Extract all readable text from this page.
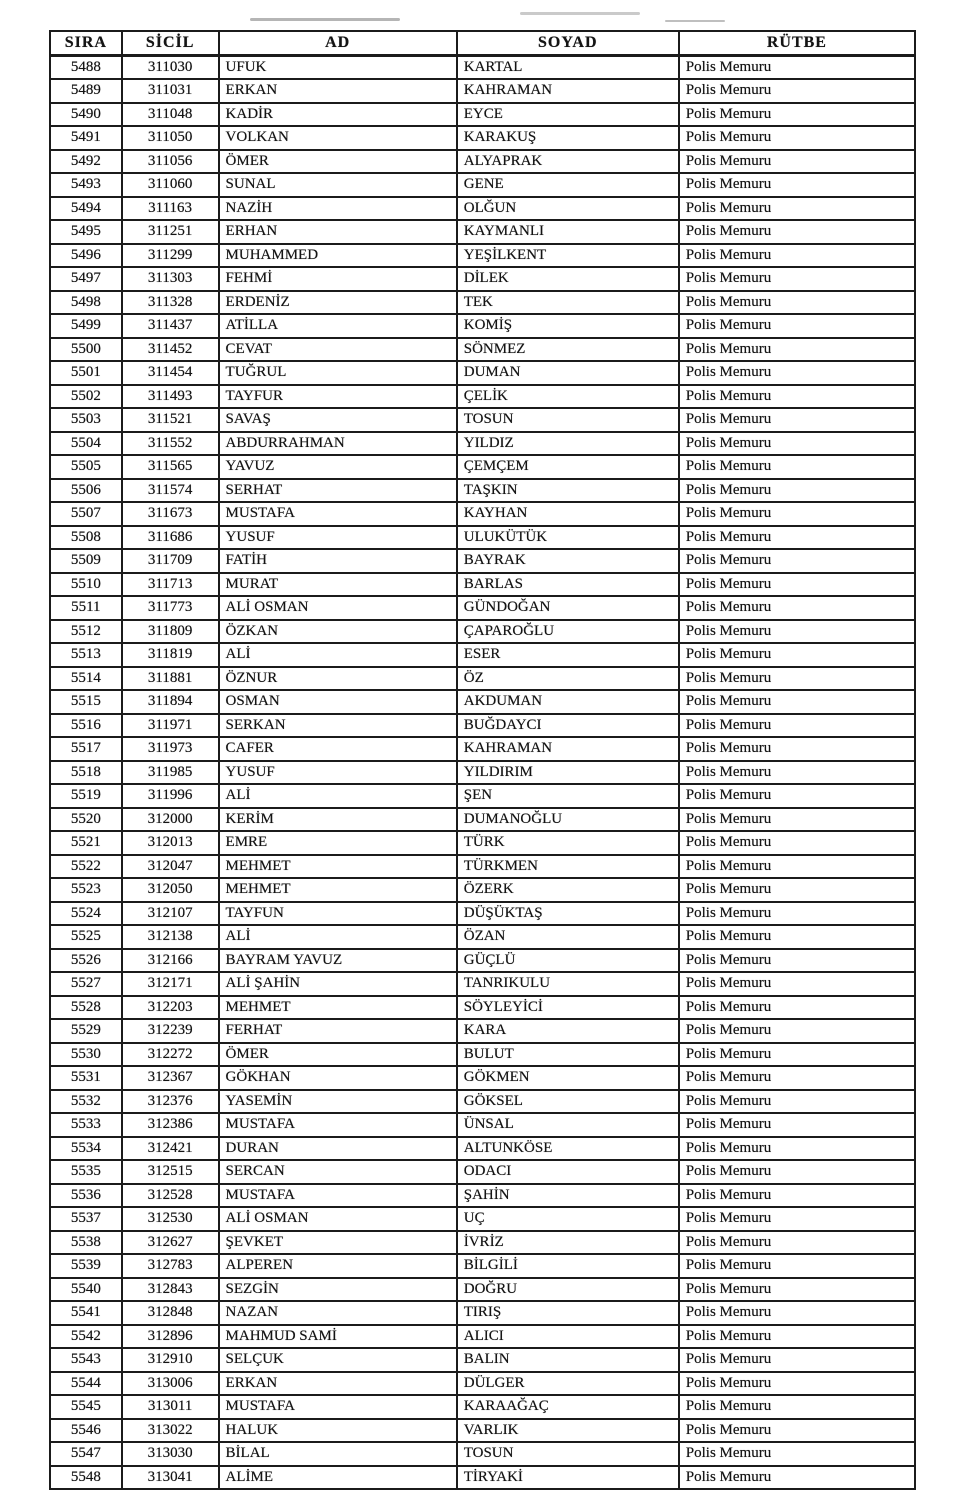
SIRA	SİCİL	AD	SOYAD	RÜTBE
5488	311030	UFUK	KARTAL	Polis Memuru
5489	311031	ERKAN	KAHRAMAN	Polis Memuru
5490	311048	KADİR	EYCE	Polis Memuru
5491	311050	VOLKAN	KARAKUŞ	Polis Memuru
5492	311056	ÖMER	ALYAPRAK	Polis Memuru
5493	311060	SUNAL	GENE	Polis Memuru
5494	311163	NAZİH	OLĞUN	Polis Memuru
5495	311251	ERHAN	KAYMANLI	Polis Memuru
5496	311299	MUHAMMED	YEŞİLKENT	Polis Memuru
5497	311303	FEHMİ	DİLEK	Polis Memuru
5498	311328	ERDENİZ	TEK	Polis Memuru
5499	311437	ATİLLA	KOMİŞ	Polis Memuru
5500	311452	CEVAT	SÖNMEZ	Polis Memuru
5501	311454	TUĞRUL	DUMAN	Polis Memuru
5502	311493	TAYFUR	ÇELİK	Polis Memuru
5503	311521	SAVAŞ	TOSUN	Polis Memuru
5504	311552	ABDURRAHMAN	YILDIZ	Polis Memuru
5505	311565	YAVUZ	ÇEMÇEM	Polis Memuru
5506	311574	SERHAT	TAŞKIN	Polis Memuru
5507	311673	MUSTAFA	KAYHAN	Polis Memuru
5508	311686	YUSUF	ULUKÜTÜK	Polis Memuru
5509	311709	FATİH	BAYRAK	Polis Memuru
5510	311713	MURAT	BARLAS	Polis Memuru
5511	311773	ALİ OSMAN	GÜNDOĞAN	Polis Memuru
5512	311809	ÖZKAN	ÇAPAROĞLU	Polis Memuru
5513	311819	ALİ	ESER	Polis Memuru
5514	311881	ÖZNUR	ÖZ	Polis Memuru
5515	311894	OSMAN	AKDUMAN	Polis Memuru
5516	311971	SERKAN	BUĞDAYCI	Polis Memuru
5517	311973	CAFER	KAHRAMAN	Polis Memuru
5518	311985	YUSUF	YILDIRIM	Polis Memuru
5519	311996	ALİ	ŞEN	Polis Memuru
5520	312000	KERİM	DUMANOĞLU	Polis Memuru
5521	312013	EMRE	TÜRK	Polis Memuru
5522	312047	MEHMET	TÜRKMEN	Polis Memuru
5523	312050	MEHMET	ÖZERK	Polis Memuru
5524	312107	TAYFUN	DÜŞÜKTAŞ	Polis Memuru
5525	312138	ALİ	ÖZAN	Polis Memuru
5526	312166	BAYRAM YAVUZ	GÜÇLÜ	Polis Memuru
5527	312171	ALİ ŞAHİN	TANRIKULU	Polis Memuru
5528	312203	MEHMET	SÖYLEYİCİ	Polis Memuru
5529	312239	FERHAT	KARA	Polis Memuru
5530	312272	ÖMER	BULUT	Polis Memuru
5531	312367	GÖKHAN	GÖKMEN	Polis Memuru
5532	312376	YASEMİN	GÖKSEL	Polis Memuru
5533	312386	MUSTAFA	ÜNSAL	Polis Memuru
5534	312421	DURAN	ALTUNKÖSE	Polis Memuru
5535	312515	SERCAN	ODACI	Polis Memuru
5536	312528	MUSTAFA	ŞAHİN	Polis Memuru
5537	312530	ALİ OSMAN	UÇ	Polis Memuru
5538	312627	ŞEVKET	İVRİZ	Polis Memuru
5539	312783	ALPEREN	BİLGİLİ	Polis Memuru
5540	312843	SEZGİN	DOĞRU	Polis Memuru
5541	312848	NAZAN	TIRIŞ	Polis Memuru
5542	312896	MAHMUD SAMİ	ALICI	Polis Memuru
5543	312910	SELÇUK	BALIN	Polis Memuru
5544	313006	ERKAN	DÜLGER	Polis Memuru
5545	313011	MUSTAFA	KARAAĞAÇ	Polis Memuru
5546	313022	HALUK	VARLIK	Polis Memuru
5547	313030	BİLAL	TOSUN	Polis Memuru
5548	313041	ALİME	TİRYAKİ	Polis Memuru
